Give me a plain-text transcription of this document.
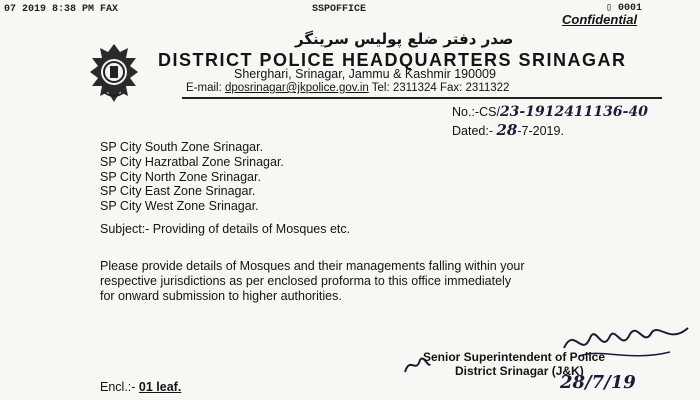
07 2019 8:38 PM FAX	SSPOFFICE	▯ 0001
Confidential
صدر دفتر ضلع پولیس سرینگر
DISTRICT POLICE HEADQUARTERS SRINAGAR
Sherghari, Srinagar, Jammu & Kashmir 190009
E-mail: dposrinagar@jkpolice.gov.in Tel: 2311324 Fax: 2311322
No.:-CS/23-1912411136-40
Dated:- 28-7-2019.
SP City South Zone Srinagar.
SP City Hazratbal Zone Srinagar.
SP City North Zone Srinagar.
SP City East Zone Srinagar.
SP City West Zone Srinagar.
Subject:- Providing of details of Mosques etc.
Please provide details of Mosques and their managements falling within your
respective jurisdictions as per enclosed proforma to this office immediately
for onward submission to higher authorities.
Senior Superintendent of Police
District Srinagar (J&K)
28/7/19
Encl.:- 01 leaf.
